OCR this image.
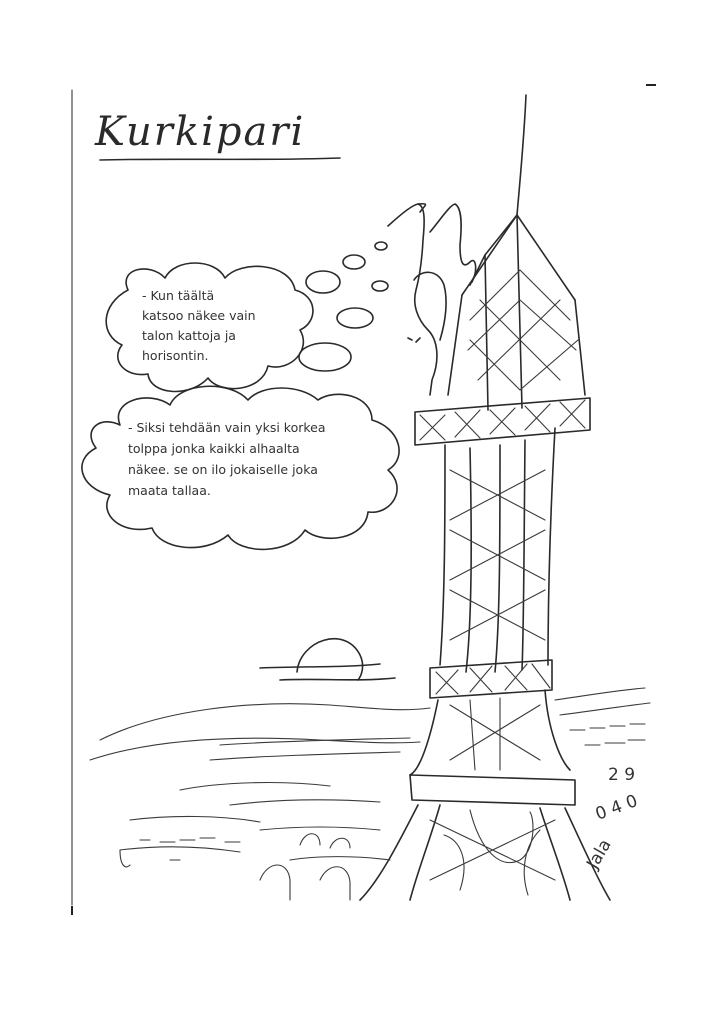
Kurkipari
2 9
0 4 0
Jala
- Kun täältä
katsoo näkee vain
talon kattoja ja
horisontin.
- Siksi tehdään vain yksi korkea
tolppa jonka kaikki alhaalta
näkee. se on ilo jokaiselle joka
maata tallaa.
